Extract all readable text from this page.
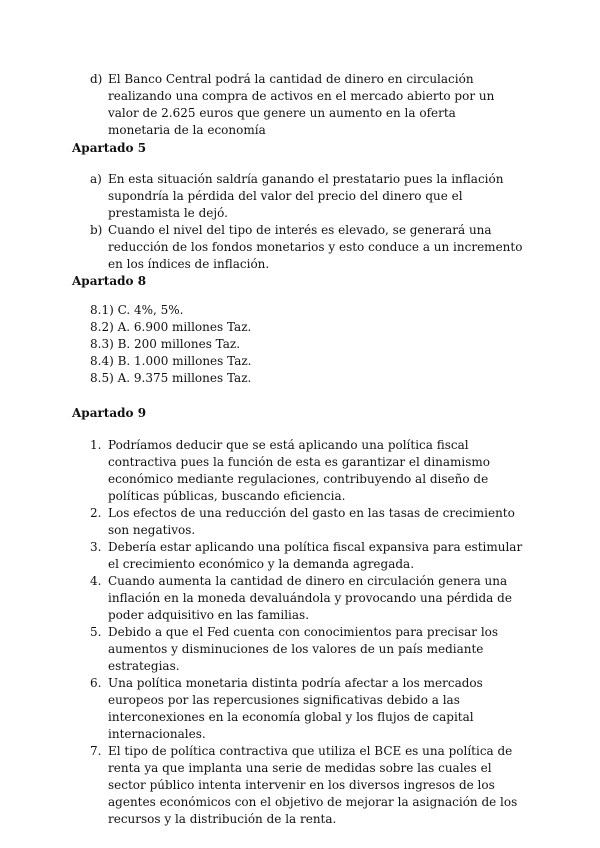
d) El Banco Central podrá la cantidad de dinero en circulación realizando una compra de activos en el mercado abierto por un valor de 2.625 euros que genere un aumento en la oferta monetaria de la economía
Apartado 5
a) En esta situación saldría ganando el prestatario pues la inflación supondría la pérdida del valor del precio del dinero que el prestamista le dejó.
b) Cuando el nivel del tipo de interés es elevado, se generará una reducción de los fondos monetarios y esto conduce a un incremento en los índices de inflación.
Apartado 8
8.1) C. 4%, 5%.
8.2) A. 6.900 millones Taz.
8.3) B. 200 millones Taz.
8.4) B. 1.000 millones Taz.
8.5) A. 9.375 millones Taz.
Apartado 9
1. Podríamos deducir que se está aplicando una política fiscal contractiva pues la función de esta es garantizar el dinamismo económico mediante regulaciones, contribuyendo al diseño de políticas públicas, buscando eficiencia.
2. Los efectos de una reducción del gasto en las tasas de crecimiento son negativos.
3. Debería estar aplicando una política fiscal expansiva para estimular el crecimiento económico y la demanda agregada.
4. Cuando aumenta la cantidad de dinero en circulación genera una inflación en la moneda devaluándola y provocando una pérdida de poder adquisitivo en las familias.
5. Debido a que el Fed cuenta con conocimientos para precisar los aumentos y disminuciones de los valores de un país mediante estrategias.
6. Una política monetaria distinta podría afectar a los mercados europeos por las repercusiones significativas debido a las interconexiones en la economía global y los flujos de capital internacionales.
7. El tipo de política contractiva que utiliza el BCE es una política de renta ya que implanta una serie de medidas sobre las cuales el sector público intenta intervenir en los diversos ingresos de los agentes económicos con el objetivo de mejorar la asignación de los recursos y la distribución de la renta.
